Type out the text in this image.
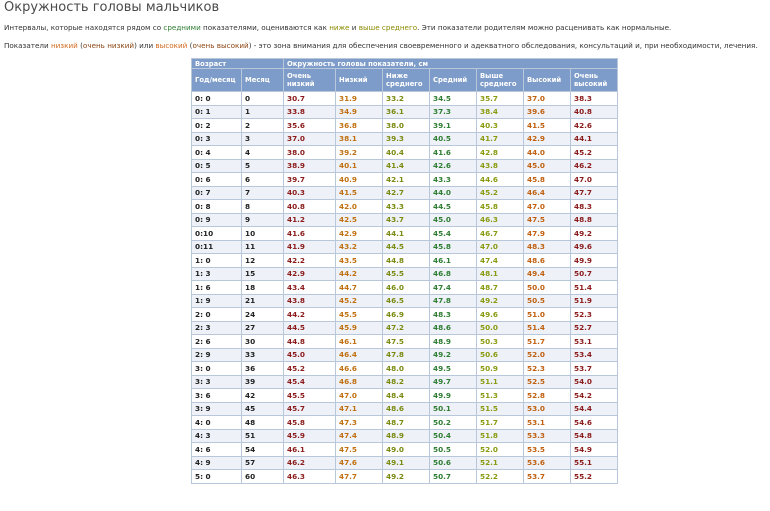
Окружность головы мальчиков
Интервалы, которые находятся рядом со средними показателями, оцениваются как ниже и выше среднего. Эти показатели родителям можно расценивать как нормальные.
Показатели низкий (очень низкий) или высокий (очень высокий) - это зона внимания для обеспечения своевременного и адекватного обследования, консультаций и, при необходимости, лечения.
Возраст		Окружность головы показатели, см						
Год/месяц	Месяц	Очень низкий	Низкий	Ниже среднего	Средний	Выше среднего	Высокий	Очень высокий
0: 0	0	30.7	31.9	33.2	34.5	35.7	37.0	38.3
0: 1	1	33.8	34.9	36.1	37.3	38.4	39.6	40.8
0: 2	2	35.6	36.8	38.0	39.1	40.3	41.5	42.6
0: 3	3	37.0	38.1	39.3	40.5	41.7	42.9	44.1
0: 4	4	38.0	39.2	40.4	41.6	42.8	44.0	45.2
0: 5	5	38.9	40.1	41.4	42.6	43.8	45.0	46.2
0: 6	6	39.7	40.9	42.1	43.3	44.6	45.8	47.0
0: 7	7	40.3	41.5	42.7	44.0	45.2	46.4	47.7
0: 8	8	40.8	42.0	43.3	44.5	45.8	47.0	48.3
0: 9	9	41.2	42.5	43.7	45.0	46.3	47.5	48.8
0:10	10	41.6	42.9	44.1	45.4	46.7	47.9	49.2
0:11	11	41.9	43.2	44.5	45.8	47.0	48.3	49.6
1: 0	12	42.2	43.5	44.8	46.1	47.4	48.6	49.9
1: 3	15	42.9	44.2	45.5	46.8	48.1	49.4	50.7
1: 6	18	43.4	44.7	46.0	47.4	48.7	50.0	51.4
1: 9	21	43.8	45.2	46.5	47.8	49.2	50.5	51.9
2: 0	24	44.2	45.5	46.9	48.3	49.6	51.0	52.3
2: 3	27	44.5	45.9	47.2	48.6	50.0	51.4	52.7
2: 6	30	44.8	46.1	47.5	48.9	50.3	51.7	53.1
2: 9	33	45.0	46.4	47.8	49.2	50.6	52.0	53.4
3: 0	36	45.2	46.6	48.0	49.5	50.9	52.3	53.7
3: 3	39	45.4	46.8	48.2	49.7	51.1	52.5	54.0
3: 6	42	45.5	47.0	48.4	49.9	51.3	52.8	54.2
3: 9	45	45.7	47.1	48.6	50.1	51.5	53.0	54.4
4: 0	48	45.8	47.3	48.7	50.2	51.7	53.1	54.6
4: 3	51	45.9	47.4	48.9	50.4	51.8	53.3	54.8
4: 6	54	46.1	47.5	49.0	50.5	52.0	53.5	54.9
4: 9	57	46.2	47.6	49.1	50.6	52.1	53.6	55.1
5: 0	60	46.3	47.7	49.2	50.7	52.2	53.7	55.2
